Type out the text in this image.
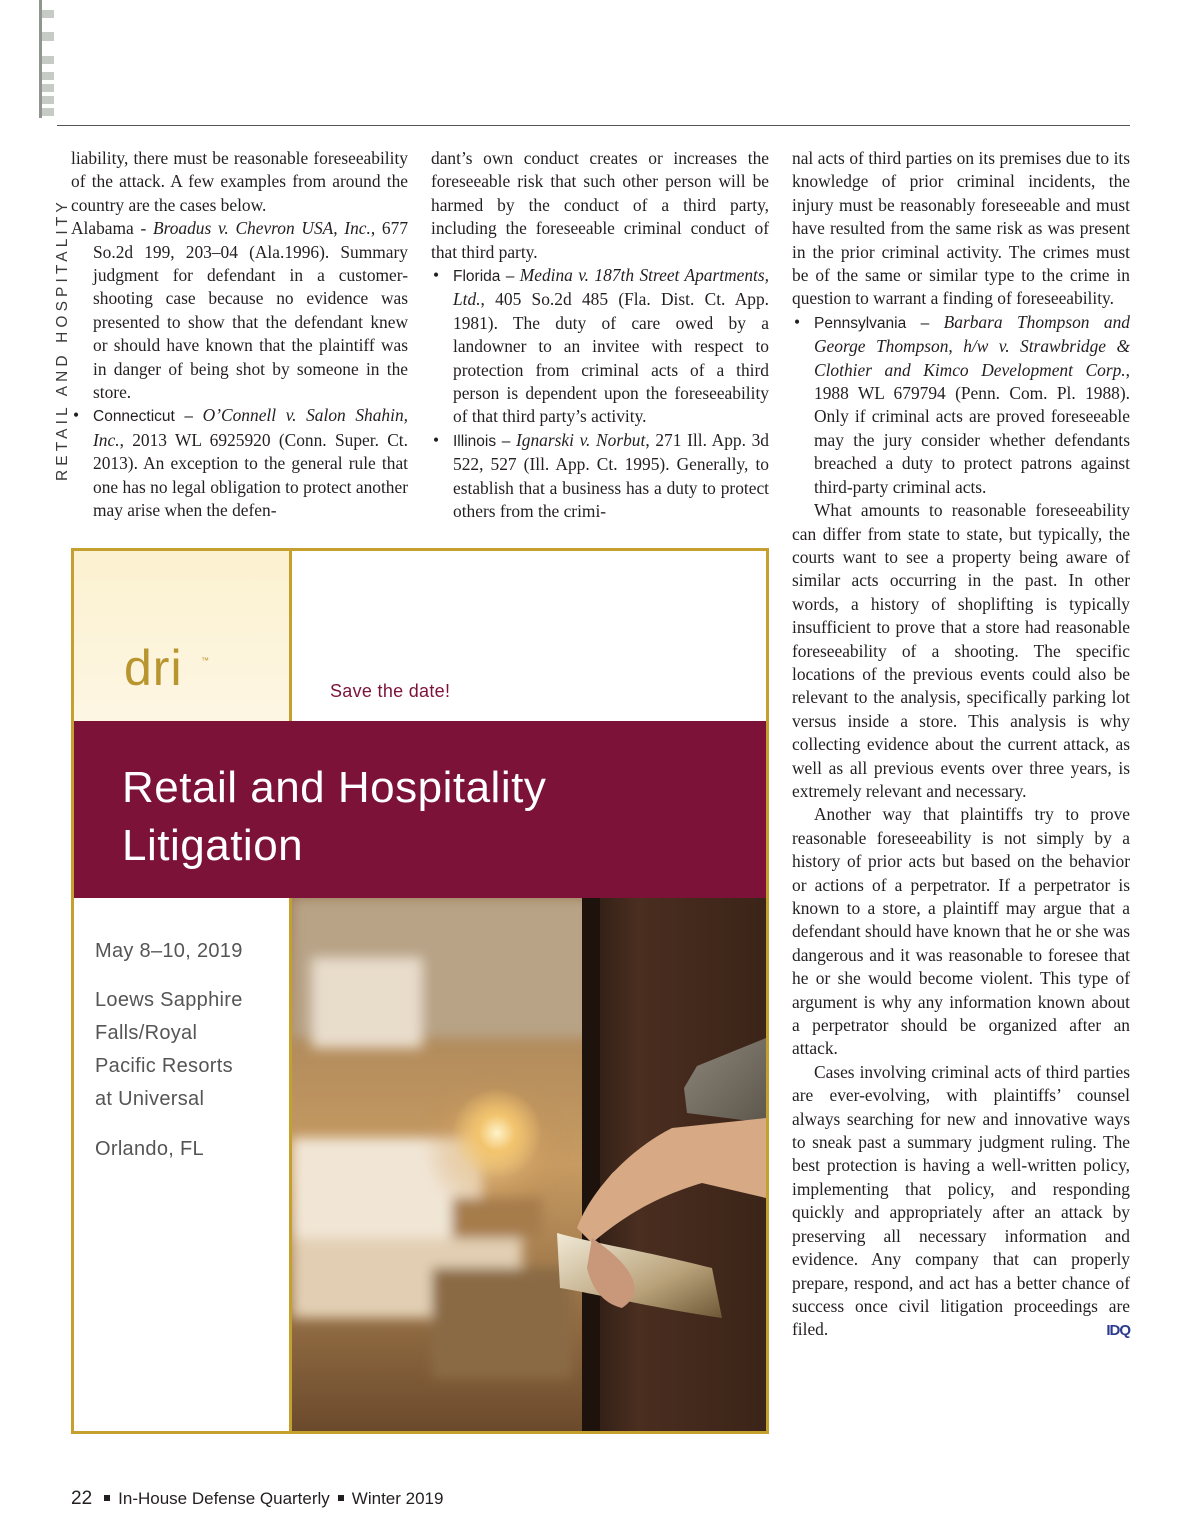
RETAIL AND HOSPITALITY

liability, there must be reasonable foreseeability of the attack. A few examples from around the country are the cases below.

Alabama - Broadus v. Chevron USA, Inc., 677 So.2d 199, 203–04 (Ala.1996). Summary judgment for defendant in a customer-shooting case because no evidence was presented to show that the defendant knew or should have known that the plaintiff was in danger of being shot by someone in the store.

• Connecticut – O’Connell v. Salon Shahin, Inc., 2013 WL 6925920 (Conn. Super. Ct. 2013). An exception to the general rule that one has no legal obligation to protect another may arise when the defen-

dant’s own conduct creates or increases the foreseeable risk that such other person will be harmed by the conduct of a third party, including the foreseeable criminal conduct of that third party.

• Florida – Medina v. 187th Street Apartments, Ltd., 405 So.2d 485 (Fla. Dist. Ct. App. 1981). The duty of care owed by a landowner to an invitee with respect to protection from criminal acts of a third person is dependent upon the foreseeability of that third party’s activity.

• Illinois – Ignarski v. Norbut, 271 Ill. App. 3d 522, 527 (Ill. App. Ct. 1995). Generally, to establish that a business has a duty to protect others from the crimi-

nal acts of third parties on its premises due to its knowledge of prior criminal incidents, the injury must be reasonably foreseeable and must have resulted from the same risk as was present in the prior criminal activity. The crimes must be of the same or similar type to the crime in question to warrant a finding of foreseeability.

• Pennsylvania – Barbara Thompson and George Thompson, h/w v. Strawbridge & Clothier and Kimco Development Corp., 1988 WL 679794 (Penn. Com. Pl. 1988). Only if criminal acts are proved foreseeable may the jury consider whether defendants breached a duty to protect patrons against third-party criminal acts.

What amounts to reasonable foreseeability can differ from state to state, but typically, the courts want to see a property being aware of similar acts occurring in the past. In other words, a history of shoplifting is typically insufficient to prove that a store had reasonable foreseeability of a shooting. The specific locations of the previous events could also be relevant to the analysis, specifically parking lot versus inside a store. This analysis is why collecting evidence about the current attack, as well as all previous events over three years, is extremely relevant and necessary.

Another way that plaintiffs try to prove reasonable foreseeability is not simply by a history of prior acts but based on the behavior or actions of a perpetrator. If a perpetrator is known to a store, a plaintiff may argue that a defendant should have known that he or she was dangerous and it was reasonable to foresee that he or she would become violent. This type of argument is why any information known about a perpetrator should be organized after an attack.

Cases involving criminal acts of third parties are ever-evolving, with plaintiffs’ counsel always searching for new and innovative ways to sneak past a summary judgment ruling. The best protection is having a well-written policy, implementing that policy, and responding quickly and appropriately after an attack by preserving all necessary information and evidence. Any company that can properly prepare, respond, and act has a better chance of success once civil litigation proceedings are filed.	IDQ

dri ™
Save the date!
Retail and Hospitality
Litigation
May 8–10, 2019
Loews Sapphire
Falls/Royal
Pacific Resorts
at Universal
Orlando, FL
22 In-House Defense Quarterly Winter 2019
